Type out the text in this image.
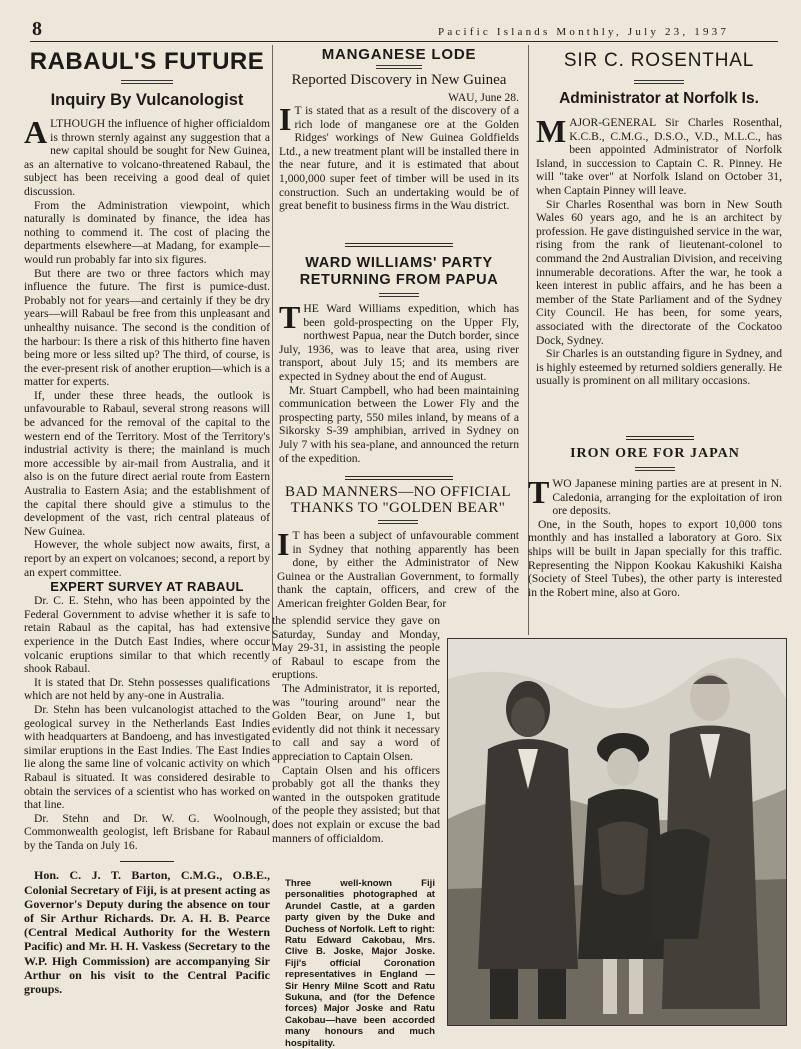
8	Pacific Islands Monthly, July 23, 1937
RABAUL'S FUTURE
Inquiry By Vulcanologist

ALTHOUGH the influence of higher officialdom is thrown sternly against any suggestion that a new capital should be sought for New Guinea, as an alternative to volcano-threatened Rabaul, the subject has been receiving a good deal of quiet discussion.

From the Administration viewpoint, which naturally is dominated by finance, the idea has nothing to commend it. The cost of placing the departments elsewhere—at Madang, for example—would run probably far into six figures.

But there are two or three factors which may influence the future. The first is pumice-dust. Probably not for years—and certainly if they be dry years—will Rabaul be free from this unpleasant and unhealthy nuisance. The second is the condition of the harbour: Is there a risk of this hitherto fine haven being more or less silted up? The third, of course, is the ever-present risk of another eruption—which is a matter for experts.

If, under these three heads, the outlook is unfavourable to Rabaul, several strong reasons will be advanced for the removal of the capital to the western end of the Territory. Most of the Territory's industrial activity is there; the mainland is much more accessible by air-mail from Australia, and it also is on the future direct aerial route from Eastern Australia to Eastern Asia; and the establishment of the capital there should give a stimulus to the development of the vast, rich central plateaus of New Guinea.

However, the whole subject now awaits, first, a report by an expert on volcanoes; second, a report by an expert committee.

EXPERT SURVEY AT RABAUL

Dr. C. E. Stehn, who has been appointed by the Federal Government to advise whether it is safe to retain Rabaul as the capital, has had extensive experience in the Dutch East Indies, where occur volcanic eruptions similar to that which recently shook Rabaul.

It is stated that Dr. Stehn possesses qualifications which are not held by any-one in Australia.

Dr. Stehn has been vulcanologist attached to the geological survey in the Netherlands East Indies with headquarters at Bandoeng, and has investigated similar eruptions in the East Indies. The East Indies lie along the same line of volcanic activity on which Rabaul is situated. It was considered desirable to obtain the services of a scientist who has worked on that line.

Dr. Stehn and Dr. W. G. Woolnough, Commonwealth geologist, left Brisbane for Rabaul by the Tanda on July 16.

Hon. C. J. T. Barton, C.M.G., O.B.E., Colonial Secretary of Fiji, is at present acting as Governor's Deputy during the absence on tour of Sir Arthur Richards. Dr. A. H. B. Pearce (Central Medical Authority for the Western Pacific) and Mr. H. H. Vaskess (Secretary to the W.P. High Commission) are accompanying Sir Arthur on his visit to the Central Pacific groups.

MANGANESE LODE
Reported Discovery in New Guinea
WAU, June 28.

I T is stated that as a result of the discovery of a rich lode of manganese ore at the Golden Ridges' workings of New Guinea Goldfields Ltd., a new treatment plant will be installed there in the near future, and it is estimated that about 1,000,000 super feet of timber will be used in its construction. Such an undertaking would be of great benefit to business firms in the Wau district.

WARD WILLIAMS' PARTY RETURNING FROM PAPUA

THE Ward Williams expedition, which has been gold-prospecting on the Upper Fly, northwest Papua, near the Dutch border, since July, 1936, was to leave that area, using river transport, about July 15; and its members are expected in Sydney about the end of August.

Mr. Stuart Campbell, who had been maintaining communication between the Lower Fly and the prospecting party, 550 miles inland, by means of a Sikorsky S-39 amphibian, arrived in Sydney on July 7 with his sea-plane, and announced the return of the expedition.

BAD MANNERS—NO OFFICIAL THANKS TO "GOLDEN BEAR"

I T has been a subject of unfavourable comment in Sydney that nothing apparently has been done, by either the Administrator of New Guinea or the Australian Government, to formally thank the captain, officers, and crew of the American freighter Golden Bear, for

the splendid service they gave on Saturday, Sunday and Monday, May 29-31, in assisting the people of Rabaul to escape from the eruptions.

The Administrator, it is reported, was "touring around" near the Golden Bear, on June 1, but evidently did not think it necessary to call and say a word of appreciation to Captain Olsen.

Captain Olsen and his officers probably got all the thanks they wanted in the outspoken gratitude of the people they assisted; but that does not explain or excuse the bad manners of officialdom.

Three well-known Fiji personalities photographed at Arundel Castle, at a garden party given by the Duke and Duchess of Norfolk. Left to right: Ratu Edward Cakobau, Mrs. Clive B. Joske, Major Joske. Fiji's official Coronation representatives in England — Sir Henry Milne Scott and Ratu Sukuna, and (for the Defence forces) Major Joske and Ratu Cakobau—have been accorded many honours and much hospitality.
SIR C. ROSENTHAL
Administrator at Norfolk Is.

MAJOR-GENERAL Sir Charles Rosenthal, K.C.B., C.M.G., D.S.O., V.D., M.L.C., has been appointed Administrator of Norfolk Island, in succession to Captain C. R. Pinney. He will "take over" at Norfolk Island on October 31, when Captain Pinney will leave.

Sir Charles Rosenthal was born in New South Wales 60 years ago, and he is an architect by profession. He gave distinguished service in the war, rising from the rank of lieutenant-colonel to command the 2nd Australian Division, and receiving innumerable decorations. After the war, he took a keen interest in public affairs, and he has been a member of the State Parliament and of the Sydney City Council. He has been, for some years, associated with the directorate of the Cockatoo Dock, Sydney.

Sir Charles is an outstanding figure in Sydney, and is highly esteemed by returned soldiers generally. He usually is prominent on all military occasions.

IRON ORE FOR JAPAN

TWO Japanese mining parties are at present in N. Caledonia, arranging for the exploitation of iron ore deposits.

One, in the South, hopes to export 10,000 tons monthly and has installed a laboratory at Goro. Six ships will be built in Japan specially for this traffic. Representing the Nippon Kookau Kakushiki Kaisha (Society of Steel Tubes), the other party is interested in the Robert mine, also at Goro.
